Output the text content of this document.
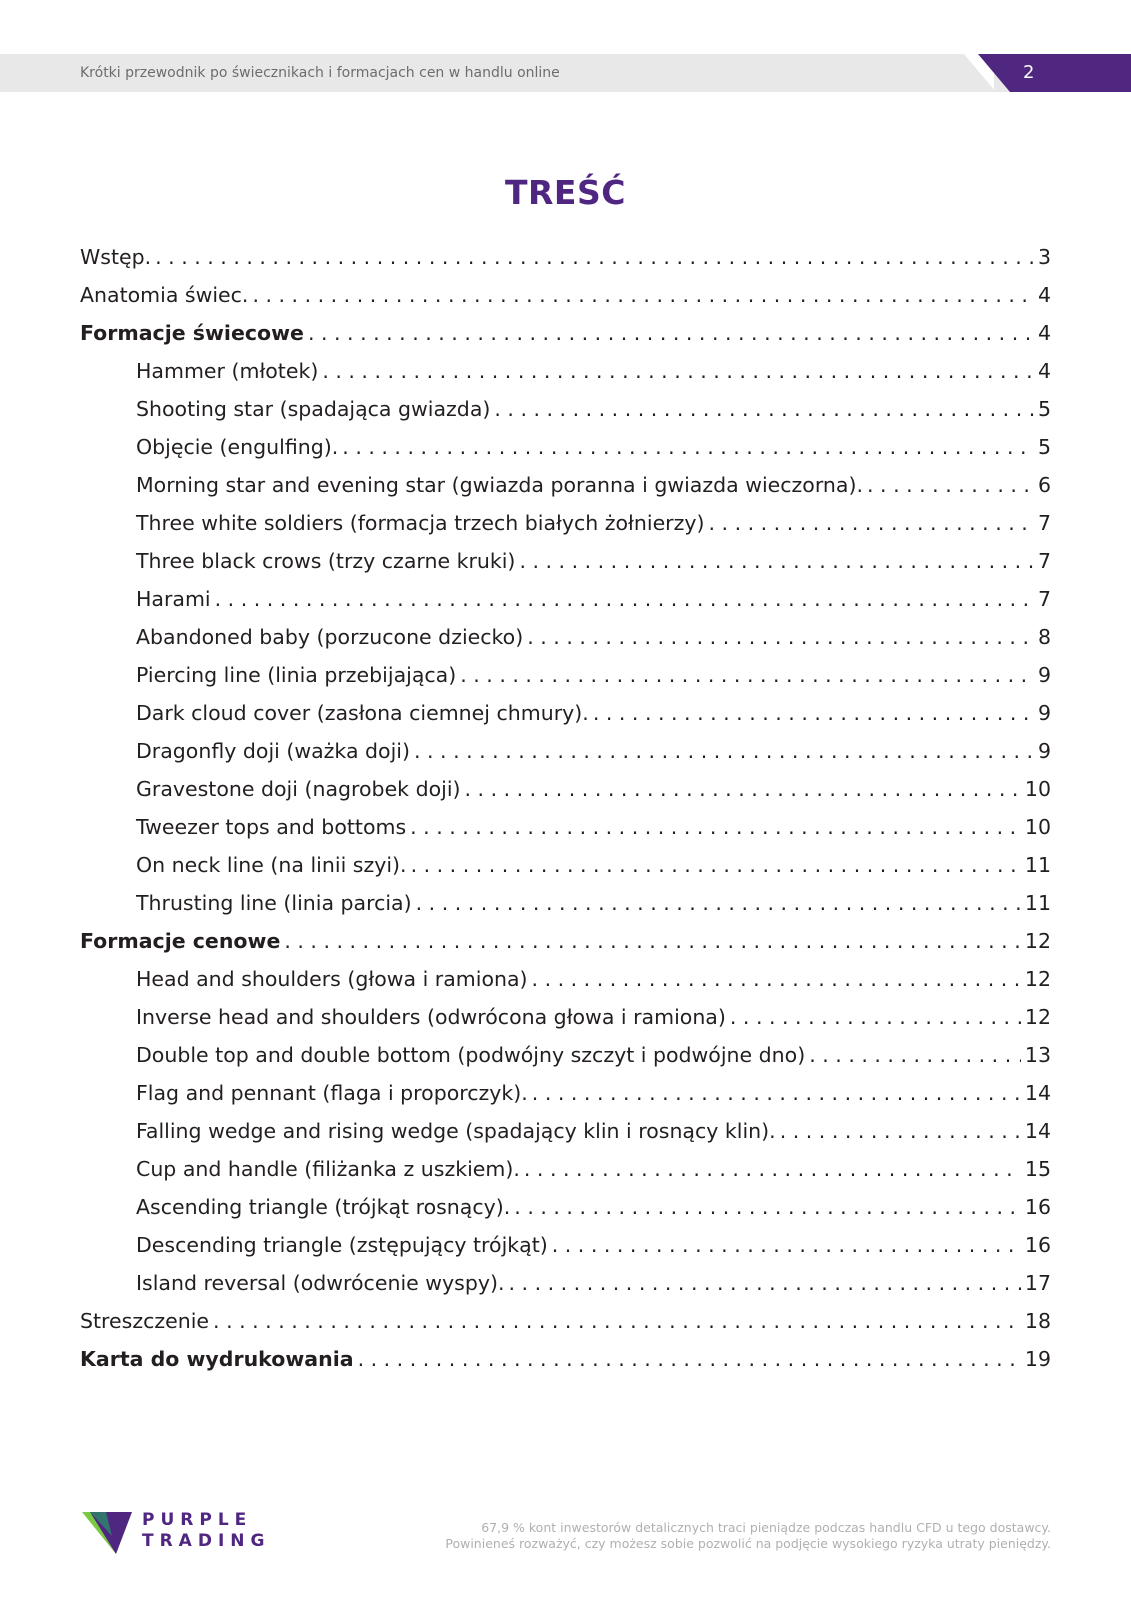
Krótki przewodnik po świecznikach i formacjach cen w handlu online	2
TREŚĆ
Wstęp. . . .	3
Anatomia świec. . . .	4
Formacje świecowe . . .	4
Hammer (młotek) . . .	4
Shooting star (spadająca gwiazda) . . .	5
Objęcie (engulfing). . . .	5
Morning star and evening star (gwiazda poranna i gwiazda wieczorna). . . .	6
Three white soldiers (formacja trzech białych żołnierzy) . . .	7
Three black crows (trzy czarne kruki) . . .	7
Harami . . .	7
Abandoned baby (porzucone dziecko) . . .	8
Piercing line (linia przebijająca) . . .	9
Dark cloud cover (zasłona ciemnej chmury). . . .	9
Dragonfly doji (ważka doji) . . .	9
Gravestone doji (nagrobek doji) . . .	10
Tweezer tops and bottoms . . .	10
On neck line (na linii szyi). . . .	11
Thrusting line (linia parcia) . . .	11
Formacje cenowe . . .	12
Head and shoulders (głowa i ramiona) . . .	12
Inverse head and shoulders (odwrócona głowa i ramiona) . . .	12
Double top and double bottom (podwójny szczyt i podwójne dno) . . .	13
Flag and pennant (flaga i proporczyk). . . .	14
Falling wedge and rising wedge (spadający klin i rosnący klin). . . .	14
Cup and handle (filiżanka z uszkiem). . . .	15
Ascending triangle (trójkąt rosnący). . . .	16
Descending triangle (zstępujący trójkąt) . . .	16
Island reversal (odwrócenie wyspy). . . .	17
Streszczenie . . .	18
Karta do wydrukowania . . .	19
PURPLE
TRADING
67,9 % kont inwestorów detalicznych traci pieniądze podczas handlu CFD u tego dostawcy.
Powinieneś rozważyć, czy możesz sobie pozwolić na podjęcie wysokiego ryzyka utraty pieniędzy.
